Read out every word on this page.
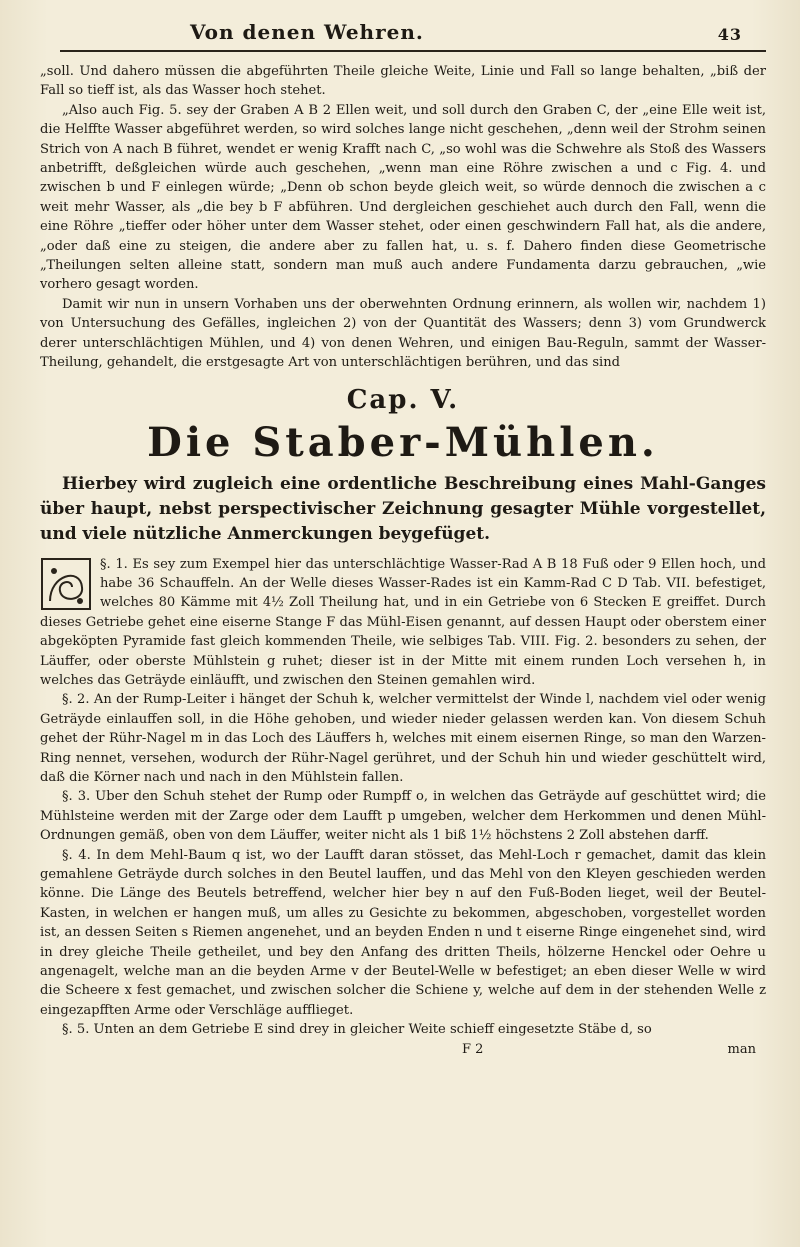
Von denen Wehren.	43

„soll. Und dahero müssen die abgeführten Theile gleiche Weite, Linie und Fall so lange behalten, „biß der Fall so tieff ist, als das Wasser hoch stehet.

„Also auch Fig. 5. sey der Graben A B 2 Ellen weit, und soll durch den Graben C, der „eine Elle weit ist, die Helffte Wasser abgeführet werden, so wird solches lange nicht geschehen, „denn weil der Strohm seinen Strich von A nach B führet, wendet er wenig Krafft nach C, „so wohl was die Schwehre als Stoß des Wassers anbetrifft, deßgleichen würde auch geschehen, „wenn man eine Röhre zwischen a und c Fig. 4. und zwischen b und F einlegen würde; „Denn ob schon beyde gleich weit, so würde dennoch die zwischen a c weit mehr Wasser, als „die bey b F abführen. Und dergleichen geschiehet auch durch den Fall, wenn die eine Röhre „tieffer oder höher unter dem Wasser stehet, oder einen geschwindern Fall hat, als die andere, „oder daß eine zu steigen, die andere aber zu fallen hat, u. s. f. Dahero finden diese Geometrische „Theilungen selten alleine statt, sondern man muß auch andere Fundamenta darzu gebrauchen, „wie vorhero gesagt worden.

Damit wir nun in unsern Vorhaben uns der oberwehnten Ordnung erinnern, als wollen wir, nachdem 1) von Untersuchung des Gefälles, ingleichen 2) von der Quantität des Wassers; denn 3) vom Grundwerck derer unterschlächtigen Mühlen, und 4) von denen Wehren, und einigen Bau-Reguln, sammt der Wasser-Theilung, gehandelt, die erstgesagte Art von unterschlächtigen berühren, und das sind

Cap. V.
Die Staber-Mühlen.

Hierbey wird zugleich eine ordentliche Beschreibung eines Mahl-Ganges über haupt, nebst perspectivischer Zeichnung gesagter Mühle vorgestellet, und viele nützliche Anmerckungen beygefüget.

§. 1. Es sey zum Exempel hier das unterschlächtige Wasser-Rad A B 18 Fuß oder 9 Ellen hoch, und habe 36 Schauffeln. An der Welle dieses Wasser-Rades ist ein Kamm-Rad C D Tab. VII. befestiget, welches 80 Kämme mit 4½ Zoll Theilung hat, und in ein Getriebe von 6 Stecken E greiffet. Durch dieses Getriebe gehet eine eiserne Stange F das Mühl-Eisen genannt, auf dessen Haupt oder oberstem einer abgeköpten Pyramide fast gleich kommenden Theile, wie selbiges Tab. VIII. Fig. 2. besonders zu sehen, der Läuffer, oder oberste Mühlstein g ruhet; dieser ist in der Mitte mit einem runden Loch versehen h, in welches das Geträyde einläufft, und zwischen den Steinen gemahlen wird.

§. 2. An der Rump-Leiter i hänget der Schuh k, welcher vermittelst der Winde l, nachdem viel oder wenig Geträyde einlauffen soll, in die Höhe gehoben, und wieder nieder gelassen werden kan. Von diesem Schuh gehet der Rühr-Nagel m in das Loch des Läuffers h, welches mit einem eisernen Ringe, so man den Warzen-Ring nennet, versehen, wodurch der Rühr-Nagel gerühret, und der Schuh hin und wieder geschüttelt wird, daß die Körner nach und nach in den Mühlstein fallen.

§. 3. Uber den Schuh stehet der Rump oder Rumpff o, in welchen das Geträyde auf geschüttet wird; die Mühlsteine werden mit der Zarge oder dem Laufft p umgeben, welcher dem Herkommen und denen Mühl-Ordnungen gemäß, oben von dem Läuffer, weiter nicht als 1 biß 1½ höchstens 2 Zoll abstehen darff.

§. 4. In dem Mehl-Baum q ist, wo der Laufft daran stösset, das Mehl-Loch r gemachet, damit das klein gemahlene Geträyde durch solches in den Beutel lauffen, und das Mehl von den Kleyen geschieden werden könne. Die Länge des Beutels betreffend, welcher hier bey n auf den Fuß-Boden lieget, weil der Beutel-Kasten, in welchen er hangen muß, um alles zu Gesichte zu bekommen, abgeschoben, vorgestellet worden ist, an dessen Seiten s Riemen angenehet, und an beyden Enden n und t eiserne Ringe eingenehet sind, wird in drey gleiche Theile getheilet, und bey den Anfang des dritten Theils, hölzerne Henckel oder Oehre u angenagelt, welche man an die beyden Arme v der Beutel-Welle w befestiget; an eben dieser Welle w wird die Scheere x fest gemachet, und zwischen solcher die Schiene y, welche auf dem in der stehenden Welle z eingezapfften Arme oder Verschläge aufflieget.

§. 5. Unten an dem Getriebe E sind drey in gleicher Weite schieff eingesetzte Stäbe d, so

F 2	man
